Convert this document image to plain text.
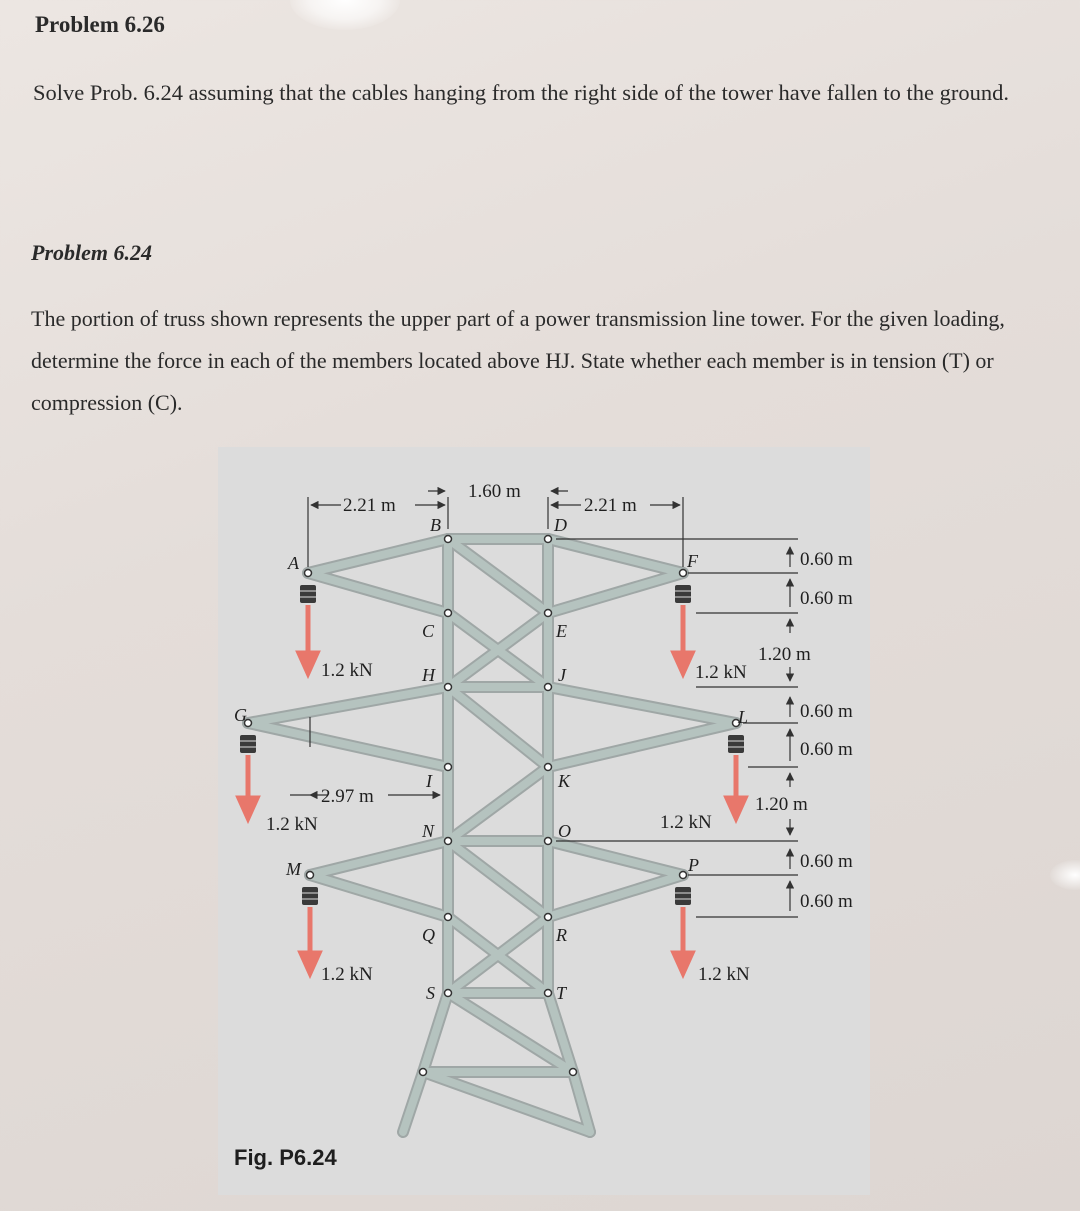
Problem 6.26
Solve Prob. 6.24 assuming that the cables hanging from the right side of the tower have fallen to the ground.
Problem 6.24
The portion of truss shown represents the upper part of a power transmission line tower. For the given loading, determine the force in each of the members located above HJ. State whether each member is in tension (T) or compression (C).
A
B
C
D
E
F
G
H
I
J
K
L
M
N	O
P
Q	R
S	T
2.21 m
1.60 m
2.21 m
2.97 m
0.60 m
0.60 m
1.20 m
0.60 m
0.60 m
1.20 m
0.60 m
0.60 m
1.2 kN	1.2 kN
1.2 kN	1.2 kN
1.2 kN	1.2 kN
Fig. P6.24
